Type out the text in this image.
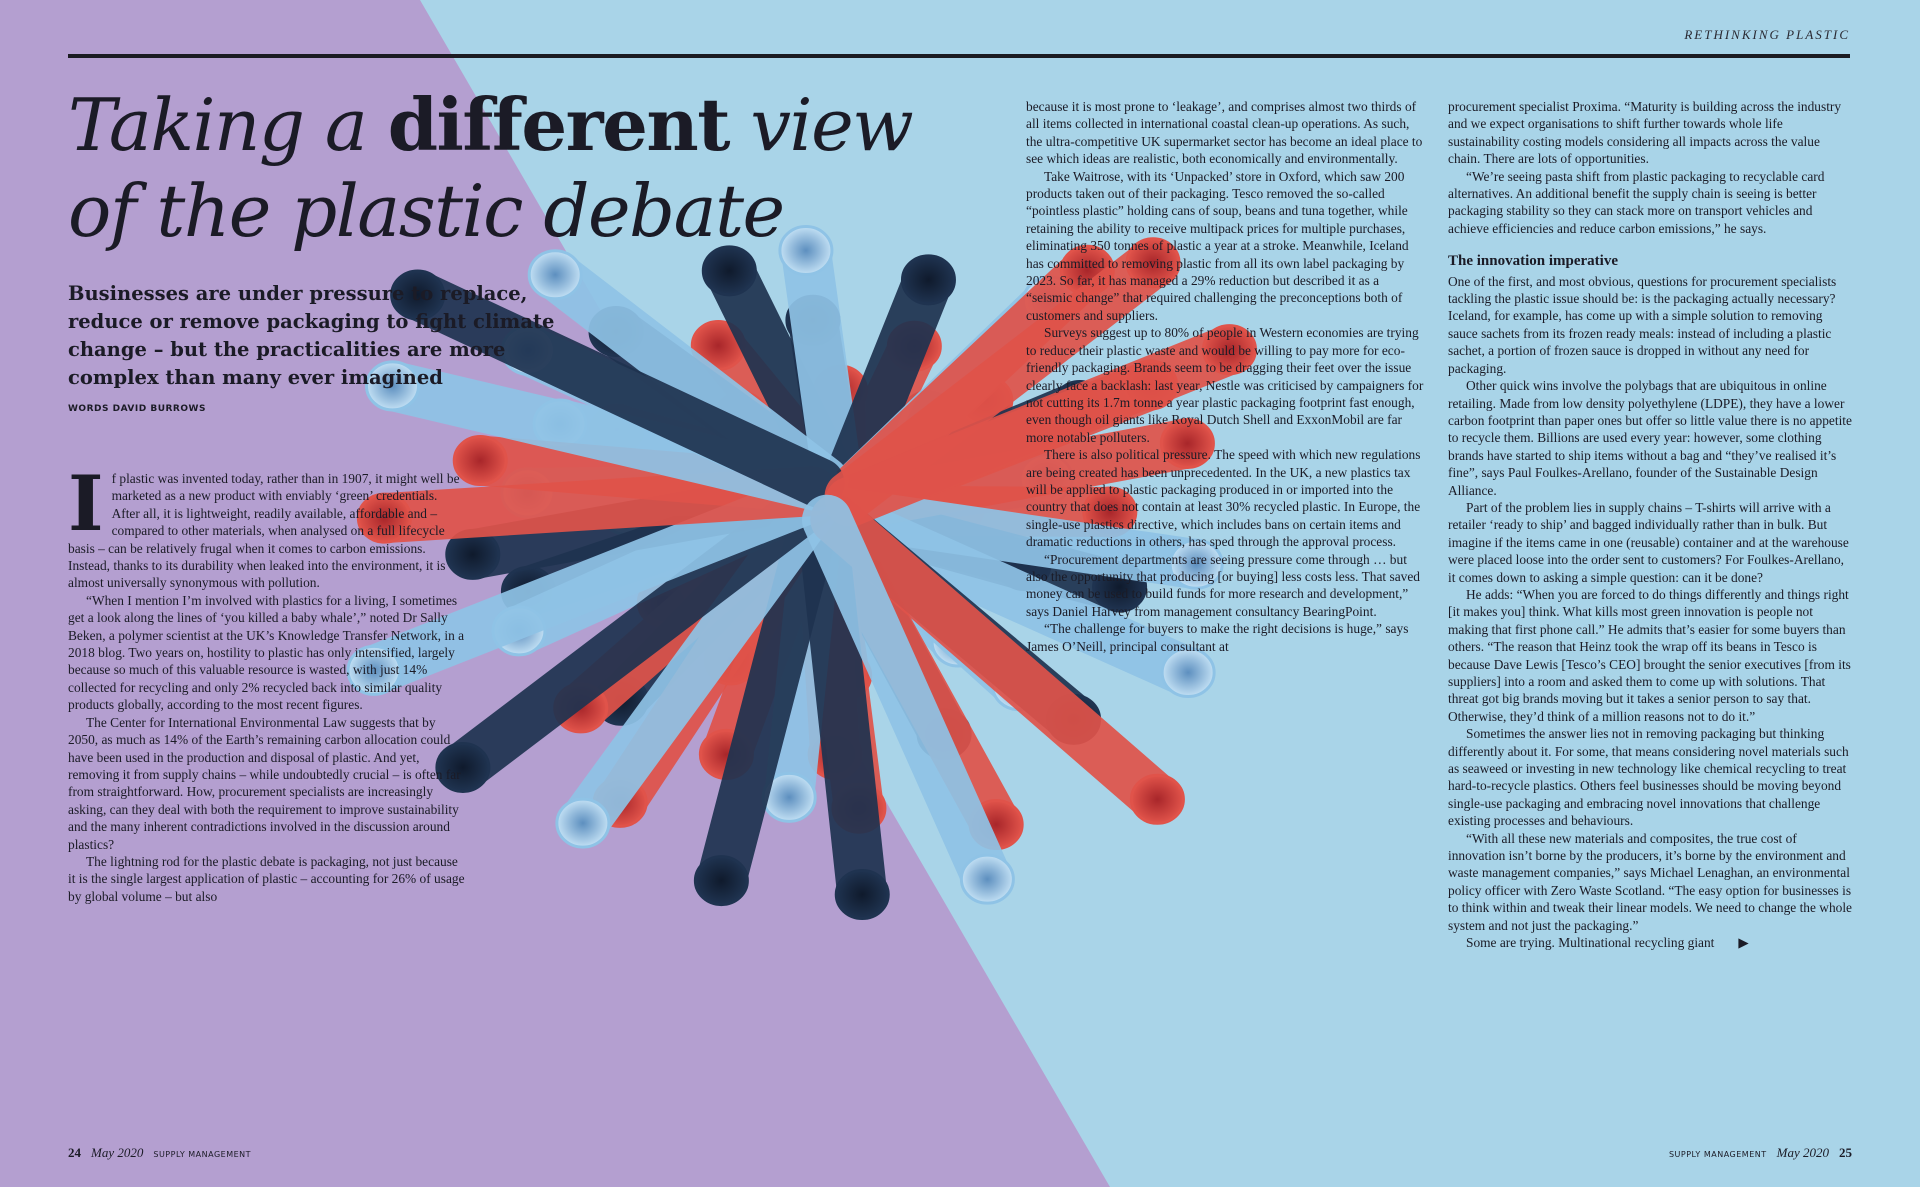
RETHINKING PLASTIC
Taking a different view
of the plastic debate

Businesses are under pressure to replace, reduce or remove packaging to fight climate change – but the practicalities are more complex than many ever imagined

WORDS DAVID BURROWS

If plastic was invented today, rather than in 1907, it might well be marketed as a new product with enviably ‘green’ credentials. After all, it is lightweight, readily available, affordable and – compared to other materials, when analysed on a full lifecycle basis – can be relatively frugal when it comes to carbon emissions. Instead, thanks to its durability when leaked into the environment, it is almost universally synonymous with pollution.

“When I mention I’m involved with plastics for a living, I sometimes get a look along the lines of ‘you killed a baby whale’,” noted Dr Sally Beken, a polymer scientist at the UK’s Knowledge Transfer Network, in a 2018 blog. Two years on, hostility to plastic has only intensified, largely because so much of this valuable resource is wasted, with just 14% collected for recycling and only 2% recycled back into similar quality products globally, according to the most recent figures.

The Center for International Environmental Law suggests that by 2050, as much as 14% of the Earth’s remaining carbon allocation could have been used in the production and disposal of plastic. And yet, removing it from supply chains – while undoubtedly crucial – is often far from straightforward. How, procurement specialists are increasingly asking, can they deal with both the requirement to improve sustainability and the many inherent contradictions involved in the discussion around plastics?

The lightning rod for the plastic debate is packaging, not just because it is the single largest application of plastic – accounting for 26% of usage by global volume – but also

because it is most prone to ‘leakage’, and comprises almost two thirds of all items collected in international coastal clean-up operations. As such, the ultra-competitive UK supermarket sector has become an ideal place to see which ideas are realistic, both economically and environmentally.

Take Waitrose, with its ‘Unpacked’ store in Oxford, which saw 200 products taken out of their packaging. Tesco removed the so-called “pointless plastic” holding cans of soup, beans and tuna together, while retaining the ability to receive multipack prices for multiple purchases, eliminating 350 tonnes of plastic a year at a stroke. Meanwhile, Iceland has committed to removing plastic from all its own label packaging by 2023. So far, it has managed a 29% reduction but described it as a “seismic change” that required challenging the preconceptions both of customers and suppliers.

Surveys suggest up to 80% of people in Western economies are trying to reduce their plastic waste and would be willing to pay more for eco-friendly packaging. Brands seem to be dragging their feet over the issue clearly face a backlash: last year, Nestle was criticised by campaigners for not cutting its 1.7m tonne a year plastic packaging footprint fast enough, even though oil giants like Royal Dutch Shell and ExxonMobil are far more notable polluters.

There is also political pressure. The speed with which new regulations are being created has been unprecedented. In the UK, a new plastics tax will be applied to plastic packaging produced in or imported into the country that does not contain at least 30% recycled plastic. In Europe, the single-use plastics directive, which includes bans on certain items and dramatic reductions in others, has sped through the approval process.

“Procurement departments are seeing pressure come through … but also the opportunity that producing [or buying] less costs less. That saved money can be used to build funds for more research and development,” says Daniel Harvey from management consultancy BearingPoint.

“The challenge for buyers to make the right decisions is huge,” says James O’Neill, principal consultant at

procurement specialist Proxima. “Maturity is building across the industry and we expect organisations to shift further towards whole life sustainability costing models considering all impacts across the value chain. There are lots of opportunities.

“We’re seeing pasta shift from plastic packaging to recyclable card alternatives. An additional benefit the supply chain is seeing is better packaging stability so they can stack more on transport vehicles and achieve efficiencies and reduce carbon emissions,” he says.

The innovation imperative

One of the first, and most obvious, questions for procurement specialists tackling the plastic issue should be: is the packaging actually necessary? Iceland, for example, has come up with a simple solution to removing sauce sachets from its frozen ready meals: instead of including a plastic sachet, a portion of frozen sauce is dropped in without any need for packaging.

Other quick wins involve the polybags that are ubiquitous in online retailing. Made from low density polyethylene (LDPE), they have a lower carbon footprint than paper ones but offer so little value there is no appetite to recycle them. Billions are used every year: however, some clothing brands have started to ship items without a bag and “they’ve realised it’s fine”, says Paul Foulkes-Arellano, founder of the Sustainable Design Alliance.

Part of the problem lies in supply chains – T-shirts will arrive with a retailer ‘ready to ship’ and bagged individually rather than in bulk. But imagine if the items came in one (reusable) container and at the warehouse were placed loose into the order sent to customers? For Foulkes-Arellano, it comes down to asking a simple question: can it be done?

He adds: “When you are forced to do things differently and things right [it makes you] think. What kills most green innovation is people not making that first phone call.” He admits that’s easier for some buyers than others. “The reason that Heinz took the wrap off its beans in Tesco is because Dave Lewis [Tesco’s CEO] brought the senior executives [from its suppliers] into a room and asked them to come up with solutions. That threat got big brands moving but it takes a senior person to say that. Otherwise, they’d think of a million reasons not to do it.”

Sometimes the answer lies not in removing packaging but thinking differently about it. For some, that means considering novel materials such as seaweed or investing in new technology like chemical recycling to treat hard-to-recycle plastics. Others feel businesses should be moving beyond single-use packaging and embracing novel innovations that challenge existing processes and behaviours.

“With all these new materials and composites, the true cost of innovation isn’t borne by the producers, it’s borne by the environment and waste management companies,” says Michael Lenaghan, an environmental policy officer with Zero Waste Scotland. “The easy option for businesses is to think within and tweak their linear models. We need to change the whole system and not just the packaging.”

Some are trying. Multinational recycling giant ▶

24 May 2020 SUPPLY MANAGEMENT	SUPPLY MANAGEMENT May 2020 25
